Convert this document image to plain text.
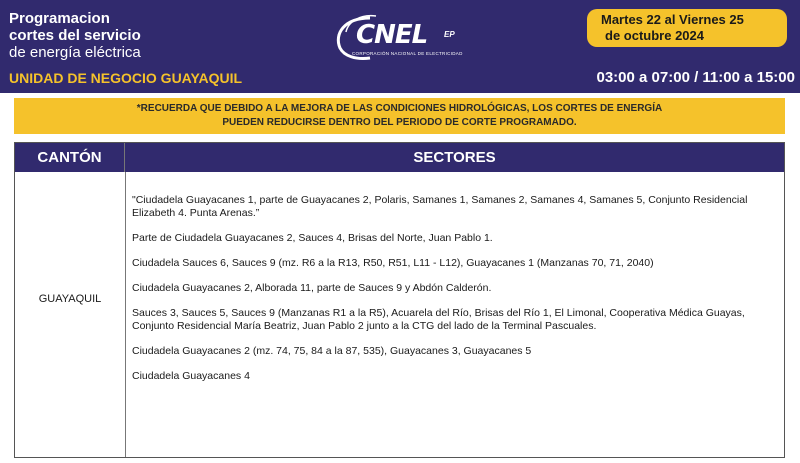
Programacion
cortes del servicio
de energía eléctrica
UNIDAD DE NEGOCIO GUAYAQUIL
CNEL EP
CORPORACIÓN NACIONAL DE ELECTRICIDAD
Martes 22 al Viernes 25
de octubre 2024
03:00 a 07:00 / 11:00 a 15:00
*RECUERDA QUE DEBIDO A LA MEJORA DE LAS CONDICIONES HIDROLÓGICAS, LOS CORTES DE ENERGÍA
PUEDEN REDUCIRSE DENTRO DEL PERIODO DE CORTE PROGRAMADO.
CANTÓN	SECTORES
GUAYAQUIL
"Ciudadela Guayacanes 1, parte de Guayacanes 2, Polaris, Samanes 1, Samanes 2, Samanes 4, Samanes 5, Conjunto Residencial Elizabeth 4. Punta Arenas.”
Parte de Ciudadela Guayacanes 2, Sauces 4, Brisas del Norte, Juan Pablo 1.
Ciudadela Sauces 6, Sauces 9 (mz. R6 a la R13, R50, R51, L11 - L12), Guayacanes 1 (Manzanas 70, 71, 2040)
Ciudadela Guayacanes 2, Alborada 11, parte de Sauces 9 y Abdón Calderón.
Sauces 3, Sauces 5, Sauces 9 (Manzanas R1 a la R5), Acuarela del Río, Brisas del Río 1, El Limonal, Cooperativa Médica Guayas, Conjunto Residencial María Beatriz, Juan Pablo 2 junto a la CTG del lado de la Terminal Pascuales.
Ciudadela Guayacanes 2 (mz. 74, 75, 84 a la 87, 535), Guayacanes 3, Guayacanes 5
Ciudadela Guayacanes 4
